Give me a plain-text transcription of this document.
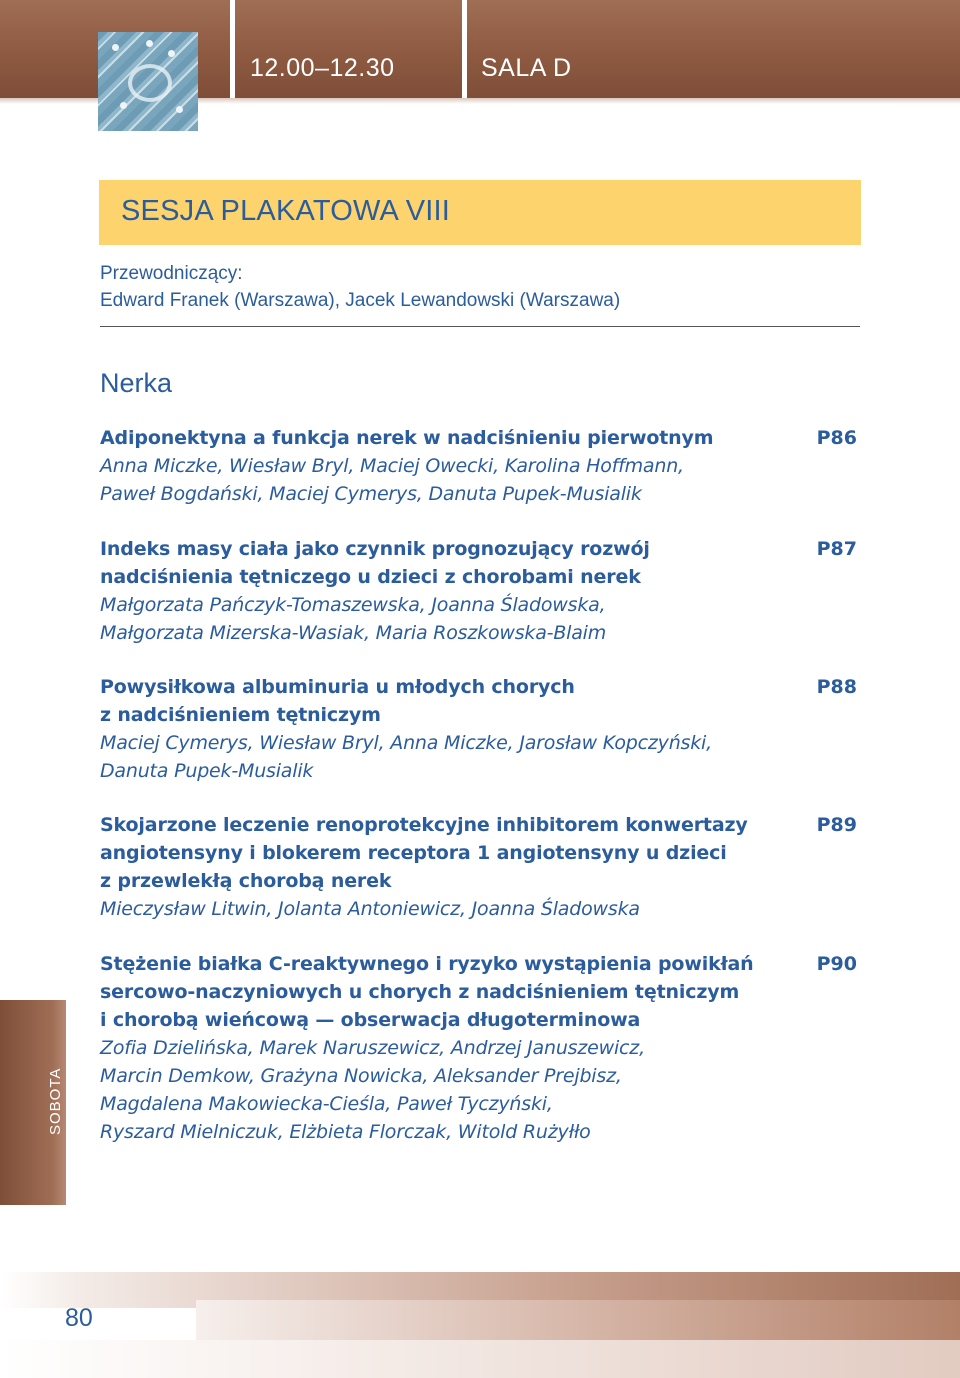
12.00–12.30	SALA D
SESJA PLAKATOWA VIII
Przewodniczący:
Edward Franek (Warszawa), Jacek Lewandowski (Warszawa)
Nerka
Adiponektyna a funkcja nerek w nadciśnieniu pierwotnym
Anna Miczke, Wiesław Bryl, Maciej Owecki, Karolina Hoffmann,
Paweł Bogdański, Maciej Cymerys, Danuta Pupek-Musialik
P86
Indeks masy ciała jako czynnik prognozujący rozwój
nadciśnienia tętniczego u dzieci z chorobami nerek
Małgorzata Pańczyk-Tomaszewska, Joanna Śladowska,
Małgorzata Mizerska-Wasiak, Maria Roszkowska-Blaim
P87
Powysiłkowa albuminuria u młodych chorych
z nadciśnieniem tętniczym
Maciej Cymerys, Wiesław Bryl, Anna Miczke, Jarosław Kopczyński,
Danuta Pupek-Musialik
P88
Skojarzone leczenie renoprotekcyjne inhibitorem konwertazy
angiotensyny i blokerem receptora 1 angiotensyny u dzieci
z przewlekłą chorobą nerek
Mieczysław Litwin, Jolanta Antoniewicz, Joanna Śladowska
P89
Stężenie białka C-reaktywnego i ryzyko wystąpienia powikłań
sercowo-naczyniowych u chorych z nadciśnieniem tętniczym
i chorobą wieńcową — obserwacja długoterminowa
Zofia Dzielińska, Marek Naruszewicz, Andrzej Januszewicz,
Marcin Demkow, Grażyna Nowicka, Aleksander Prejbisz,
Magdalena Makowiecka-Cieśla, Paweł Tyczyński,
Ryszard Mielniczuk, Elżbieta Florczak, Witold Rużyłło
P90
SOBOTA
80
